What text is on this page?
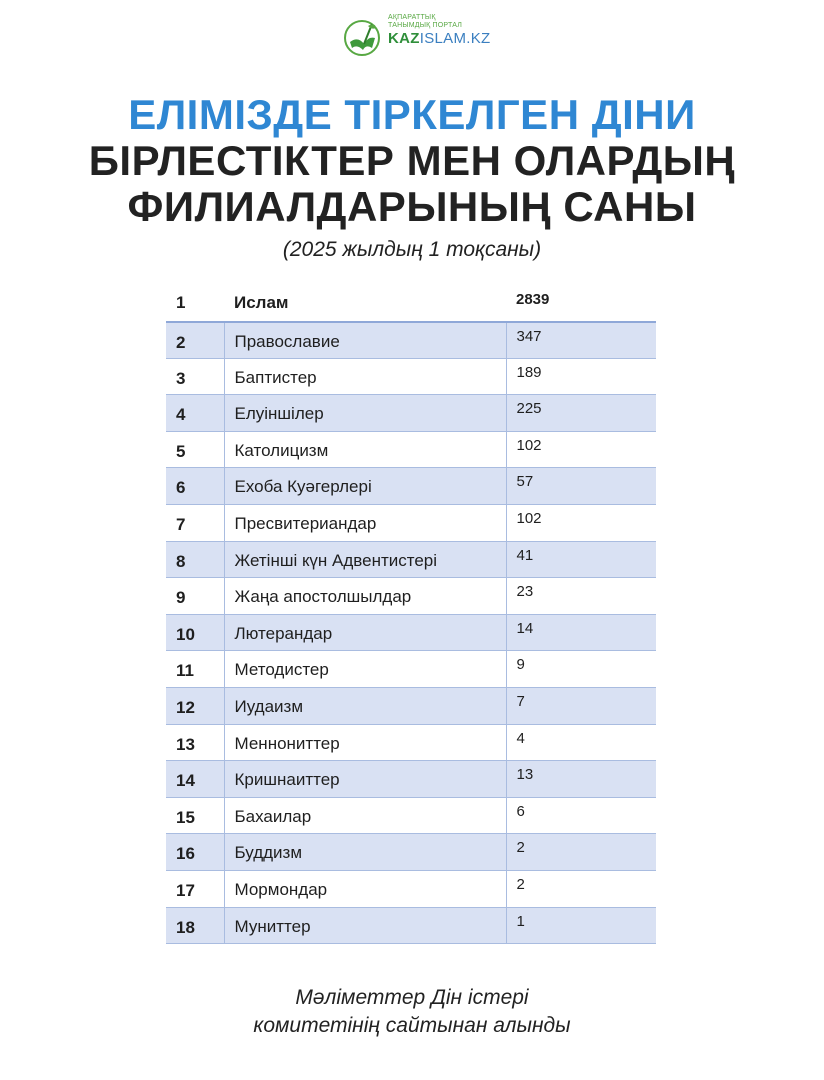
АҚПАРАТТЫҚ
ТАНЫМДЫҚ ПОРТАЛ
KAZISLAM.KZ
ЕЛІМІЗДЕ ТІРКЕЛГЕН ДІНИ
БІРЛЕСТІКТЕР МЕН ОЛАРДЫҢ
ФИЛИАЛДАРЫНЫҢ САНЫ
(2025 жылдың 1 тоқсаны)
1	Ислам	2839
2	Православие	347
3	Баптистер	189
4	Елуіншілер	225
5	Католицизм	102
6	Ехоба Куәгерлері	57
7	Пресвитериандар	102
8	Жетінші күн Адвентистері	41
9	Жаңа апостолшылдар	23
10	Лютерандар	14
11	Методистер	9
12	Иудаизм	7
13	Меннониттер	4
14	Кришнаиттер	13
15	Бахаилар	6
16	Буддизм	2
17	Мормондар	2
18	Муниттер	1
Мәліметтер Дін істері
комитетінің сайтынан алынды
